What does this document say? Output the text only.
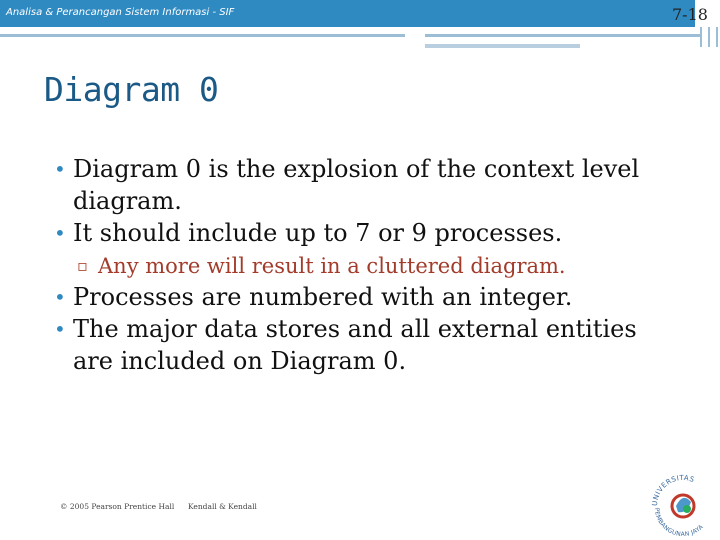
Analisa & Perancangan Sistem Informasi - SIF	7-18
Diagram 0
• Diagram 0 is the explosion of the context level diagram.
• It should include up to 7 or 9 processes.
▫ Any more will result in a cluttered diagram.
• Processes are numbered with an integer.
• The major data stores and all external entities are included on Diagram 0.
© 2005 Pearson Prentice Hall Kendall & Kendall	UNIVERSITAS
PEMBANGUNAN JAYA
